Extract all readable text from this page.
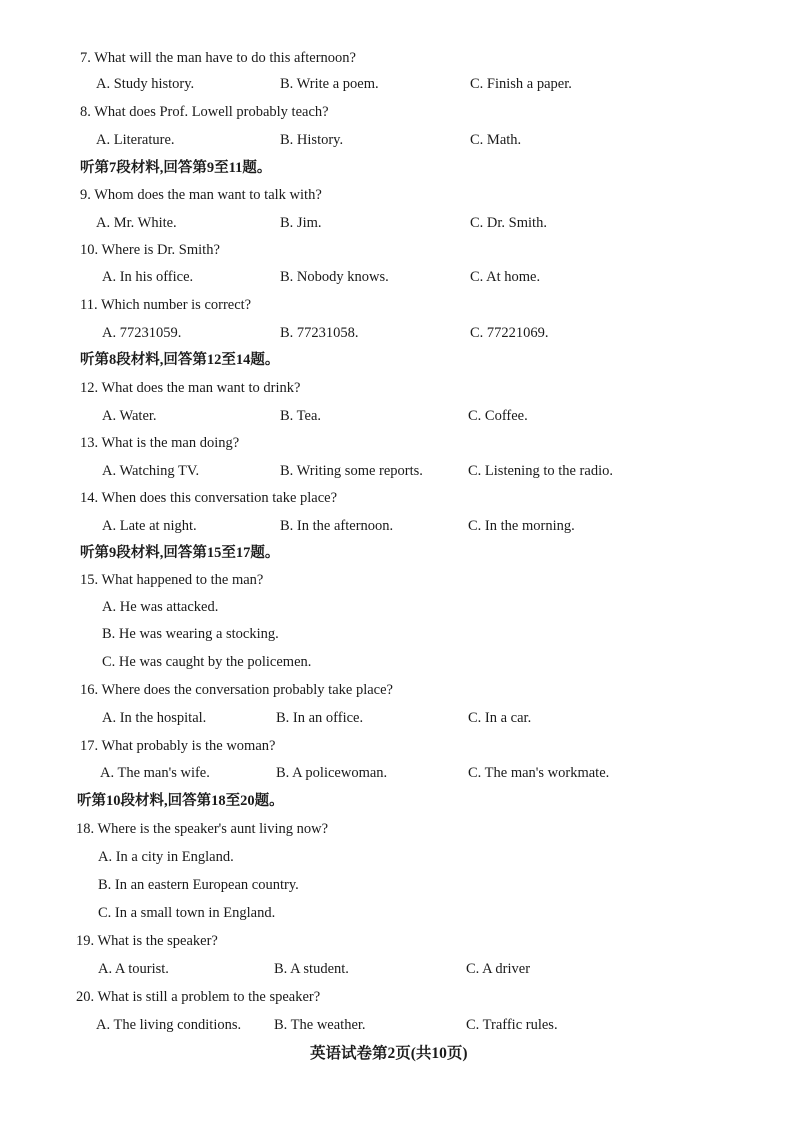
7. What will the man have to do this afternoon?
A. Study history.	B. Write a poem.	C. Finish a paper.
8. What does Prof. Lowell probably teach?
A. Literature.	B. History.	C. Math.
听第7段材料,回答第9至11题。
9. Whom does the man want to talk with?
A. Mr. White.	B. Jim.	C. Dr. Smith.
10. Where is Dr. Smith?
A. In his office.	B. Nobody knows.	C. At home.
11. Which number is correct?
A. 77231059.	B. 77231058.	C. 77221069.
听第8段材料,回答第12至14题。
12. What does the man want to drink?
A. Water.	B. Tea.	C. Coffee.
13. What is the man doing?
A. Watching TV.	B. Writing some reports.	C. Listening to the radio.
14. When does this conversation take place?
A. Late at night.	B. In the afternoon.	C. In the morning.
听第9段材料,回答第15至17题。
15. What happened to the man?
A. He was attacked.
B. He was wearing a stocking.
C. He was caught by the policemen.
16. Where does the conversation probably take place?
A. In the hospital.	B. In an office.	C. In a car.
17. What probably is the woman?
A. The man's wife.	B. A policewoman.	C. The man's workmate.
听第10段材料,回答第18至20题。
18. Where is the speaker's aunt living now?
A. In a city in England.
B. In an eastern European country.
C. In a small town in England.
19. What is the speaker?
A. A tourist.	B. A student.	C. A driver
20. What is still a problem to the speaker?
A. The living conditions. B. The weather.	C. Traffic rules.
英语试卷第2页(共10页)
